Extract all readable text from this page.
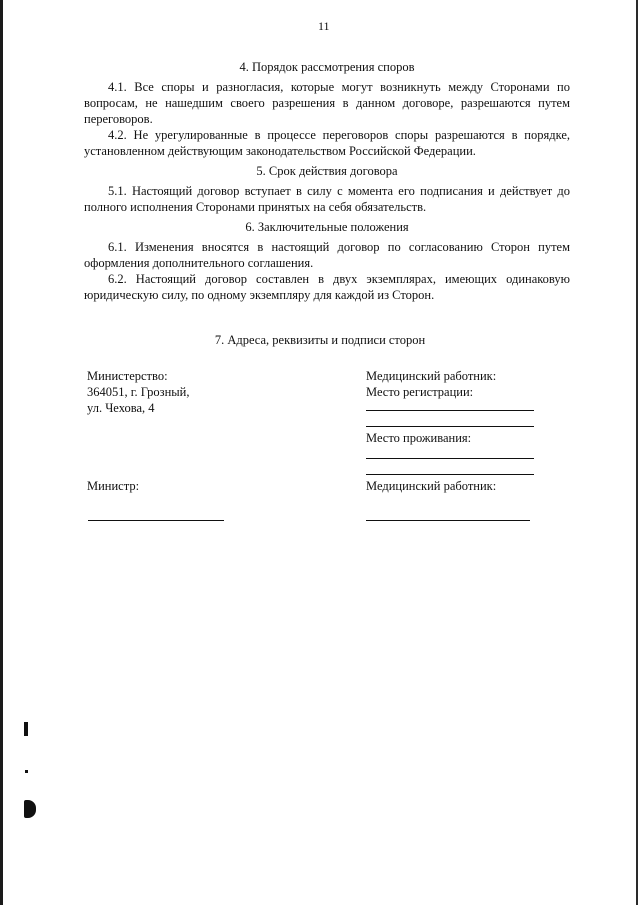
11
4. Порядок рассмотрения споров

4.1. Все споры и разногласия, которые могут возникнуть между Сторонами по вопросам, не нашедшим своего разрешения в данном договоре, разрешаются путем переговоров.

4.2. Не урегулированные в процессе переговоров споры разрешаются в порядке, установленном действующим законодательством Российской Федерации.

5. Срок действия договора

5.1. Настоящий договор вступает в силу с момента его подписания и действует до полного исполнения Сторонами принятых на себя обязательств.

6. Заключительные положения

6.1. Изменения вносятся в настоящий договор по согласованию Сторон путем оформления дополнительного соглашения.

6.2. Настоящий договор составлен в двух экземплярах, имеющих одинаковую юридическую силу, по одному экземпляру для каждой из Сторон.

7. Адреса, реквизиты и подписи сторон
Министерство:
364051, г. Грозный,
ул. Чехова, 4
Медицинский работник:
Место регистрации:
Место проживания:
Министр:	Медицинский работник:
